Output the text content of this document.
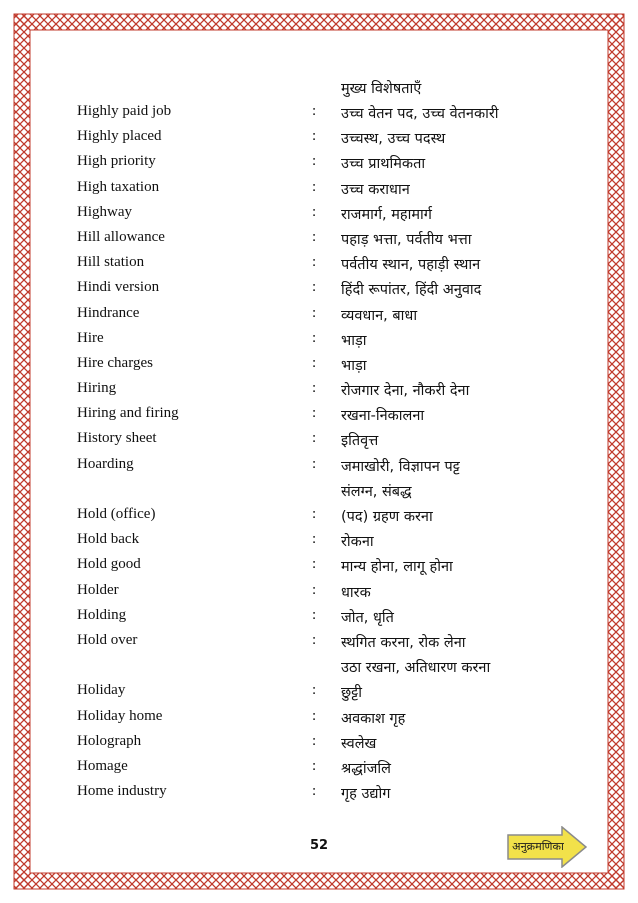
मुख्य विशेषताएँ
Highly paid job	: उच्च वेतन पद, उच्च वेतनकारी
Highly placed	: उच्चस्थ, उच्च पदस्थ
High priority	: उच्च प्राथमिकता
High taxation	: उच्च कराधान
Highway	: राजमार्ग, महामार्ग
Hill allowance	: पहाड़ भत्ता, पर्वतीय भत्ता
Hill station	: पर्वतीय स्थान, पहाड़ी स्थान
Hindi version	: हिंदी रूपांतर, हिंदी अनुवाद
Hindrance	: व्यवधान, बाधा
Hire	: भाड़ा
Hire charges	: भाड़ा
Hiring	: रोजगार देना, नौकरी देना
Hiring and firing	: रखना-निकालना
History sheet	: इतिवृत्त
Hoarding	: जमाखोरी, विज्ञापन पट्ट
संलग्न, संबद्ध
Hold (office)	: (पद) ग्रहण करना
Hold back	: रोकना
Hold good	: मान्य होना, लागू होना
Holder	: धारक
Holding	: जोत, धृति
Hold over	: स्थगित करना, रोक लेना
उठा रखना, अतिधारण करना
Holiday	: छुट्टी
Holiday home	: अवकाश गृह
Holograph	: स्वलेख
Homage	: श्रद्धांजलि
Home industry	: गृह उद्योग
52	अनुक्रमणिका
